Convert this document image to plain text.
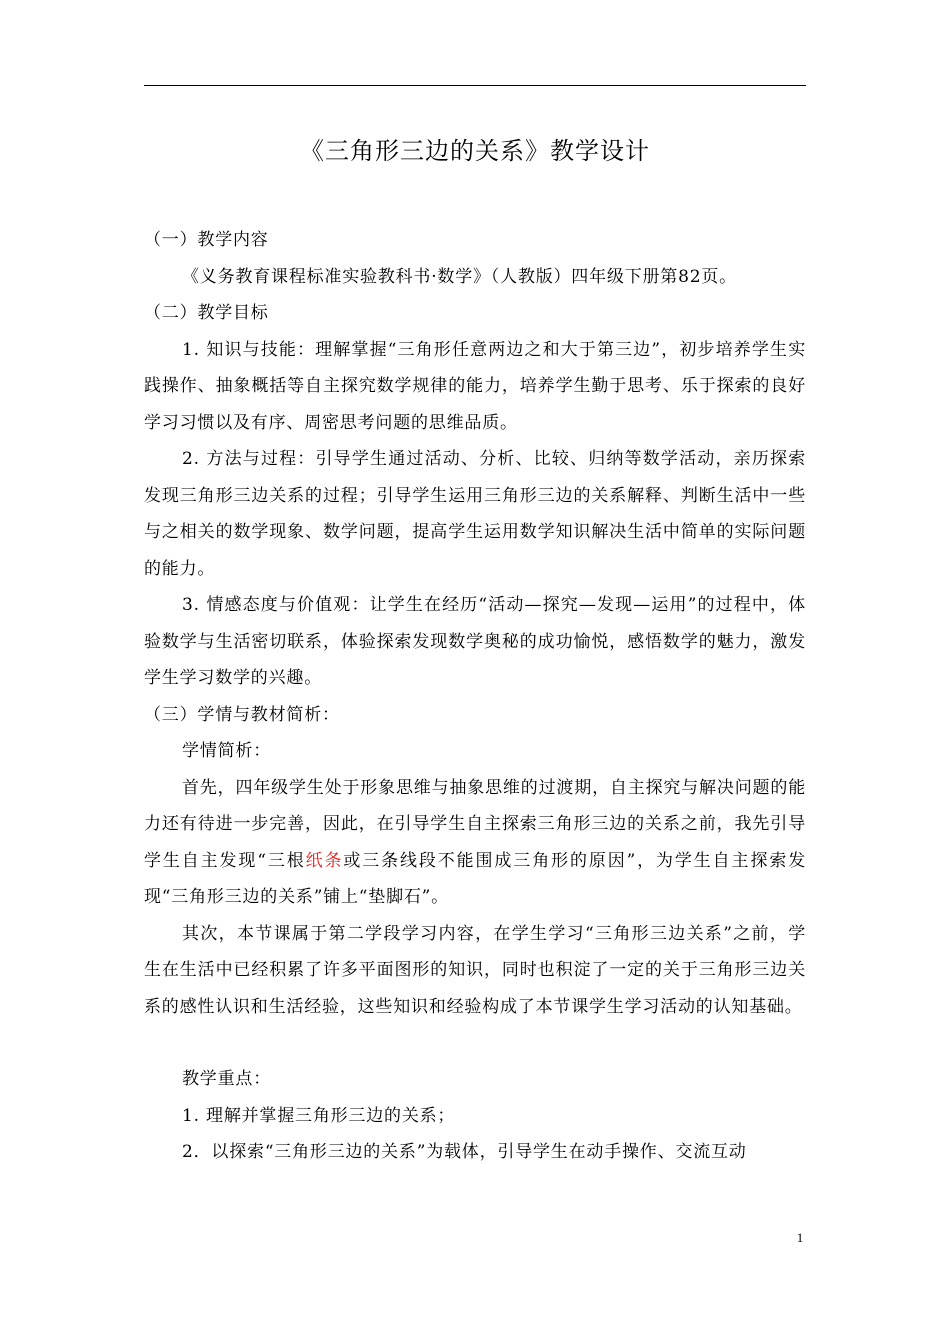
《三角形三边的关系》教学设计
（一）教学内容

《义务教育课程标准实验教科书·数学》（人教版）四年级下册第82页。

（二）教学目标

1. 知识与技能：理解掌握“三角形任意两边之和大于第三边”，初步培养学生实践操作、抽象概括等自主探究数学规律的能力，培养学生勤于思考、乐于探索的良好学习习惯以及有序、周密思考问题的思维品质。

2. 方法与过程：引导学生通过活动、分析、比较、归纳等数学活动，亲历探索发现三角形三边关系的过程；引导学生运用三角形三边的关系解释、判断生活中一些与之相关的数学现象、数学问题，提高学生运用数学知识解决生活中简单的实际问题的能力。

3. 情感态度与价值观：让学生在经历“活动—探究—发现—运用”的过程中，体验数学与生活密切联系，体验探索发现数学奥秘的成功愉悦，感悟数学的魅力，激发学生学习数学的兴趣。

（三）学情与教材简析：

学情简析：

首先，四年级学生处于形象思维与抽象思维的过渡期，自主探究与解决问题的能力还有待进一步完善，因此，在引导学生自主探索三角形三边的关系之前，我先引导学生自主发现“三根纸条或三条线段不能围成三角形的原因”，为学生自主探索发现“三角形三边的关系”铺上“垫脚石”。

其次，本节课属于第二学段学习内容，在学生学习“三角形三边关系”之前，学生在生活中已经积累了许多平面图形的知识，同时也积淀了一定的关于三角形三边关系的感性认识和生活经验，这些知识和经验构成了本节课学生学习活动的认知基础。

教学重点：

1. 理解并掌握三角形三边的关系；

2．以探索“三角形三边的关系”为载体，引导学生在动手操作、交流互动

1
